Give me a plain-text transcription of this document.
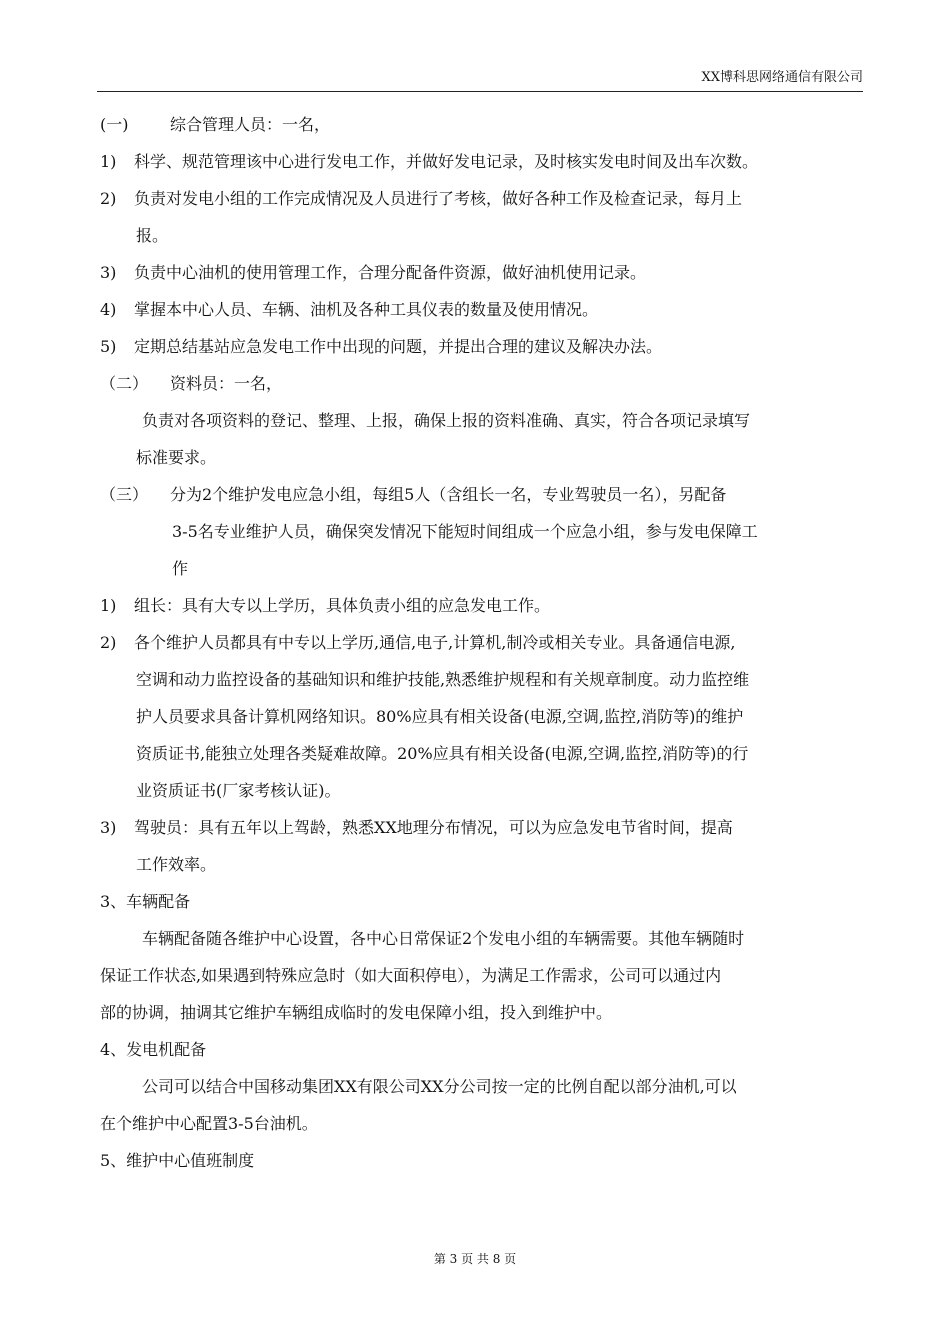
XX博科思网络通信有限公司
(一)	综合管理人员：一名，
1) 科学、规范管理该中心进行发电工作，并做好发电记录，及时核实发电时间及出车次数。
2) 负责对发电小组的工作完成情况及人员进行了考核，做好各种工作及检查记录，每月上
报。
3) 负责中心油机的使用管理工作，合理分配备件资源，做好油机使用记录。
4) 掌握本中心人员、车辆、油机及各种工具仪表的数量及使用情况。
5) 定期总结基站应急发电工作中出现的问题，并提出合理的建议及解决办法。
（二） 资料员：一名，
负责对各项资料的登记、整理、上报，确保上报的资料准确、真实，符合各项记录填写
标准要求。
（三） 分为2个维护发电应急小组，每组5人（含组长一名，专业驾驶员一名），另配备
3-5名专业维护人员，确保突发情况下能短时间组成一个应急小组，参与发电保障工
作
1) 组长：具有大专以上学历，具体负责小组的应急发电工作。
2) 各个维护人员都具有中专以上学历,通信,电子,计算机,制冷或相关专业。具备通信电源,
空调和动力监控设备的基础知识和维护技能,熟悉维护规程和有关规章制度。动力监控维
护人员要求具备计算机网络知识。80%应具有相关设备(电源,空调,监控,消防等)的维护
资质证书,能独立处理各类疑难故障。20%应具有相关设备(电源,空调,监控,消防等)的行
业资质证书(厂家考核认证)。
3) 驾驶员：具有五年以上驾龄，熟悉XX地理分布情况，可以为应急发电节省时间，提高
工作效率。
3、车辆配备
车辆配备随各维护中心设置，各中心日常保证2个发电小组的车辆需要。其他车辆随时
保证工作状态,如果遇到特殊应急时（如大面积停电），为满足工作需求，公司可以通过内
部的协调，抽调其它维护车辆组成临时的发电保障小组，投入到维护中。
4、发电机配备
公司可以结合中国移动集团XX有限公司XX分公司按一定的比例自配以部分油机,可以
在个维护中心配置3-5台油机。
5、维护中心值班制度
第 3 页 共 8 页
